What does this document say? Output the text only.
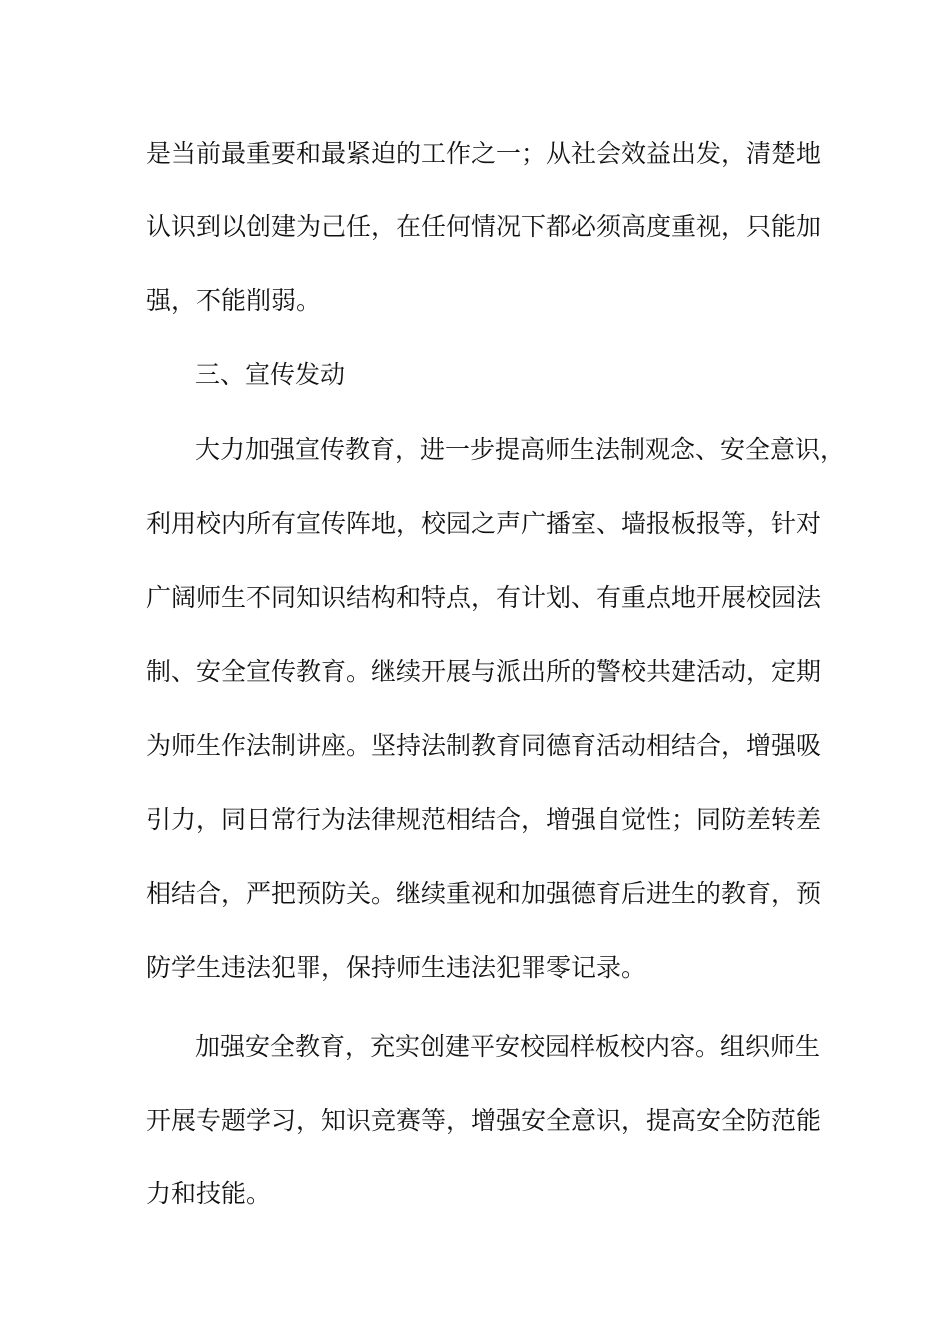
是当前最重要和最紧迫的工作之一；从社会效益出发，清楚地

认识到以创建为己任，在任何情况下都必须高度重视，只能加

强，不能削弱。

三、宣传发动

大力加强宣传教育，进一步提高师生法制观念、安全意识，

利用校内所有宣传阵地，校园之声广播室、墙报板报等，针对

广阔师生不同知识结构和特点，有计划、有重点地开展校园法

制、安全宣传教育。继续开展与派出所的警校共建活动，定期

为师生作法制讲座。坚持法制教育同德育活动相结合，增强吸

引力，同日常行为法律规范相结合，增强自觉性；同防差转差

相结合，严把预防关。继续重视和加强德育后进生的教育，预

防学生违法犯罪，保持师生违法犯罪零记录。

加强安全教育，充实创建平安校园样板校内容。组织师生

开展专题学习，知识竞赛等，增强安全意识，提高安全防范能

力和技能。
